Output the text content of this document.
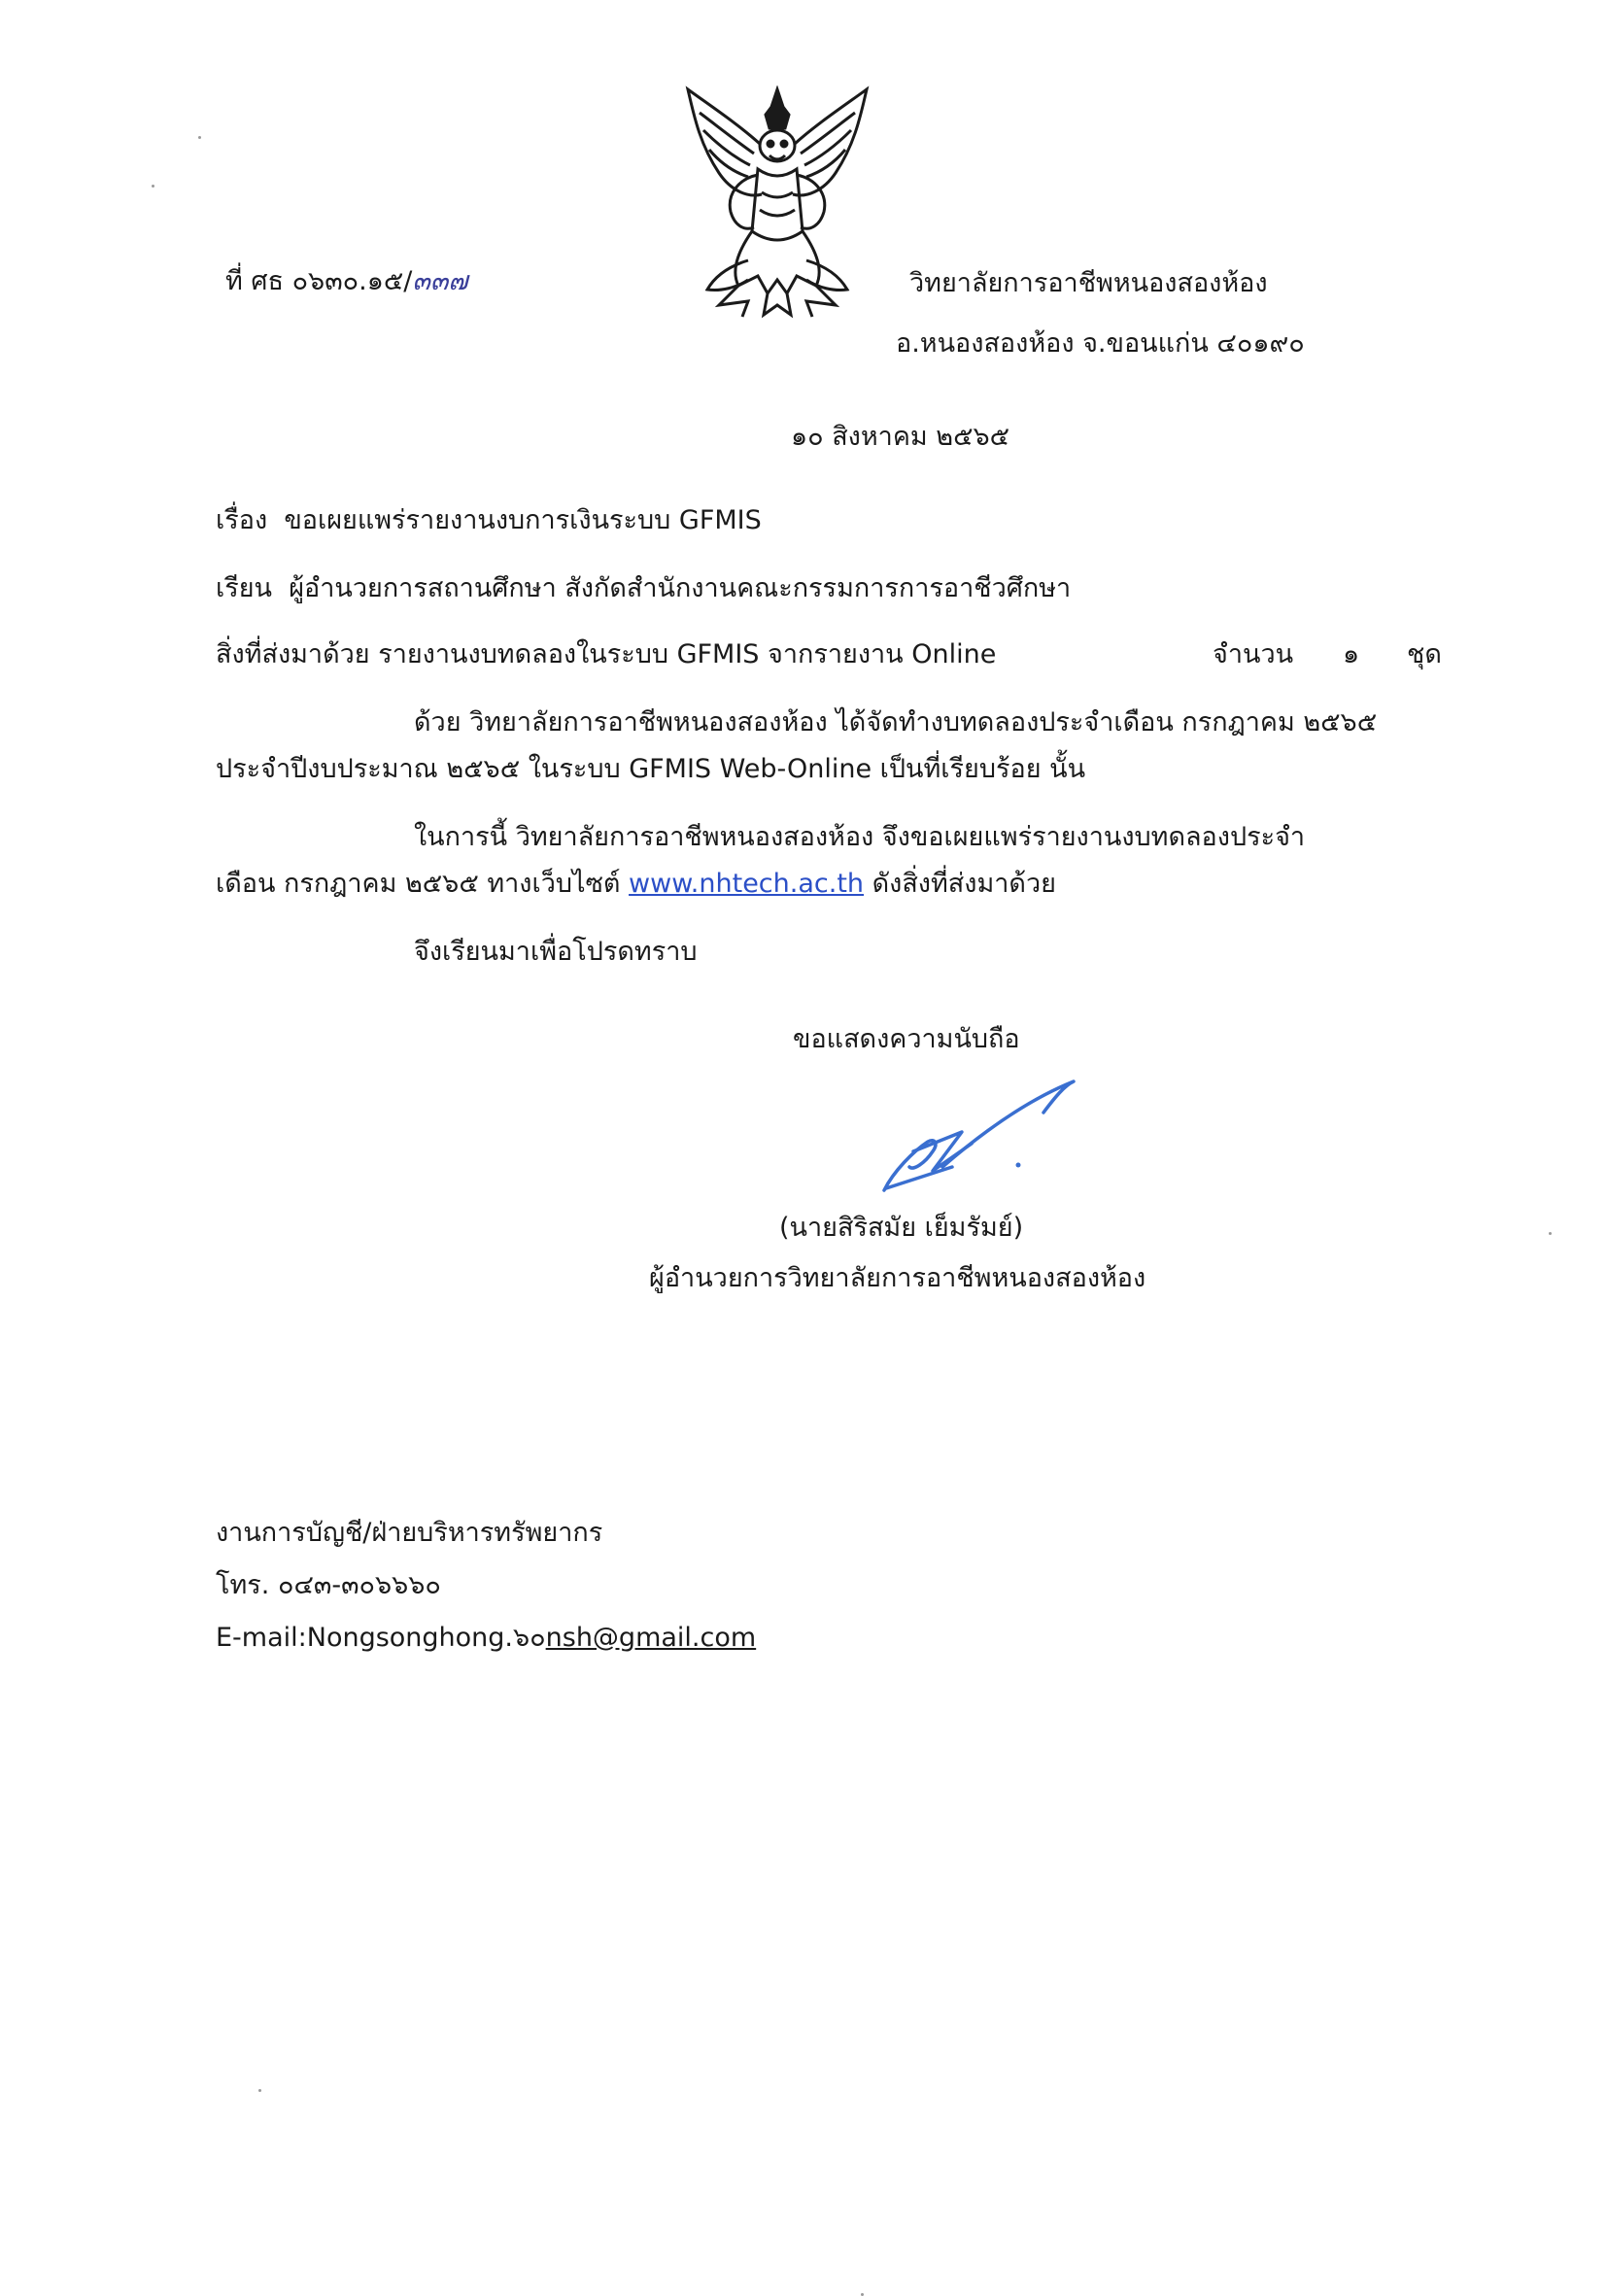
ที่ ศธ ๐๖๓๐.๑๕/๓๓๗	วิทยาลัยการอาชีพหนองสองห้อง
อ.หนองสองห้อง จ.ขอนแก่น ๔๐๑๙๐
๑๐ สิงหาคม ๒๕๖๕
เรื่อง ขอเผยแพร่รายงานงบการเงินระบบ GFMIS
เรียน ผู้อำนวยการสถานศึกษา สังกัดสำนักงานคณะกรรมการการอาชีวศึกษา
สิ่งที่ส่งมาด้วย รายงานงบทดลองในระบบ GFMIS จากรายงาน Online	จำนวน ๑ ชุด
ด้วย วิทยาลัยการอาชีพหนองสองห้อง ได้จัดทำงบทดลองประจำเดือน กรกฎาคม ๒๕๖๕
ประจำปีงบประมาณ ๒๕๖๕ ในระบบ GFMIS Web-Online เป็นที่เรียบร้อย นั้น
ในการนี้ วิทยาลัยการอาชีพหนองสองห้อง จึงขอเผยแพร่รายงานงบทดลองประจำ
เดือน กรกฎาคม ๒๕๖๕ ทางเว็บไซต์ www.nhtech.ac.th ดังสิ่งที่ส่งมาด้วย
จึงเรียนมาเพื่อโปรดทราบ
ขอแสดงความนับถือ
(นายสิริสมัย เย็มรัมย์)
ผู้อำนวยการวิทยาลัยการอาชีพหนองสองห้อง
งานการบัญชี/ฝ่ายบริหารทรัพยากร
โทร. ๐๔๓-๓๐๖๖๖๐
E-mail:Nongsonghong.๖๐nsh@gmail.com
